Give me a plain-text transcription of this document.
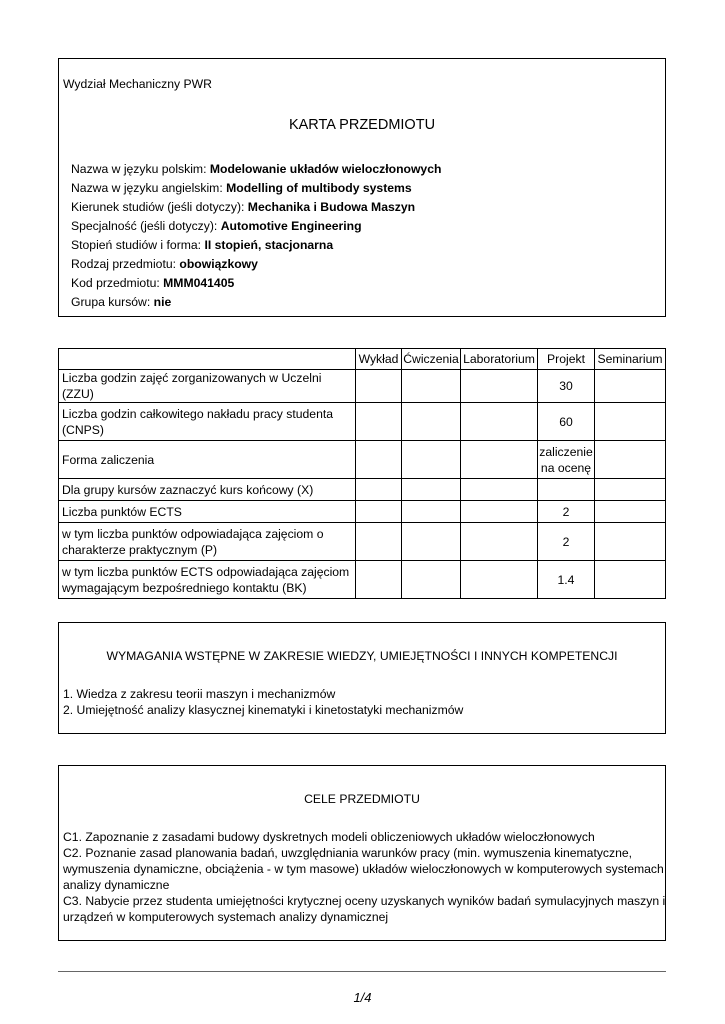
Wydział Mechaniczny PWR
KARTA PRZEDMIOTU
Nazwa w języku polskim: Modelowanie układów wieloczłonowych
Nazwa w języku angielskim: Modelling of multibody systems
Kierunek studiów (jeśli dotyczy): Mechanika i Budowa Maszyn
Specjalność (jeśli dotyczy): Automotive Engineering
Stopień studiów i forma: II stopień, stacjonarna
Rodzaj przedmiotu: obowiązkowy
Kod przedmiotu: MMM041405
Grupa kursów: nie
	Wykład	Ćwiczenia	Laboratorium	Projekt	Seminarium
Liczba godzin zajęć zorganizowanych w Uczelni (ZZU)				30	
Liczba godzin całkowitego nakładu pracy studenta
(CNPS)				60	
Forma zaliczenia				zaliczenie
na ocenę	
Dla grupy kursów zaznaczyć kurs końcowy (X)					
Liczba punktów ECTS				2	
w tym liczba punktów odpowiadająca zajęciom o
charakterze praktycznym (P)				2	
w tym liczba punktów ECTS odpowiadająca zajęciom
wymagającym bezpośredniego kontaktu (BK)				1.4	
WYMAGANIA WSTĘPNE W ZAKRESIE WIEDZY, UMIEJĘTNOŚCI I INNYCH KOMPETENCJI
1. Wiedza z zakresu teorii maszyn i mechanizmów
2. Umiejętność analizy klasycznej kinematyki i kinetostatyki mechanizmów
CELE PRZEDMIOTU
C1. Zapoznanie z zasadami budowy dyskretnych modeli obliczeniowych układów wieloczłonowych
C2. Poznanie zasad planowania badań, uwzględniania warunków pracy (min. wymuszenia kinematyczne,
wymuszenia dynamiczne, obciążenia - w tym masowe) układów wieloczłonowych w komputerowych systemach
analizy dynamiczne
C3. Nabycie przez studenta umiejętności krytycznej oceny uzyskanych wyników badań symulacyjnych maszyn i
urządzeń w komputerowych systemach analizy dynamicznej
1/4
